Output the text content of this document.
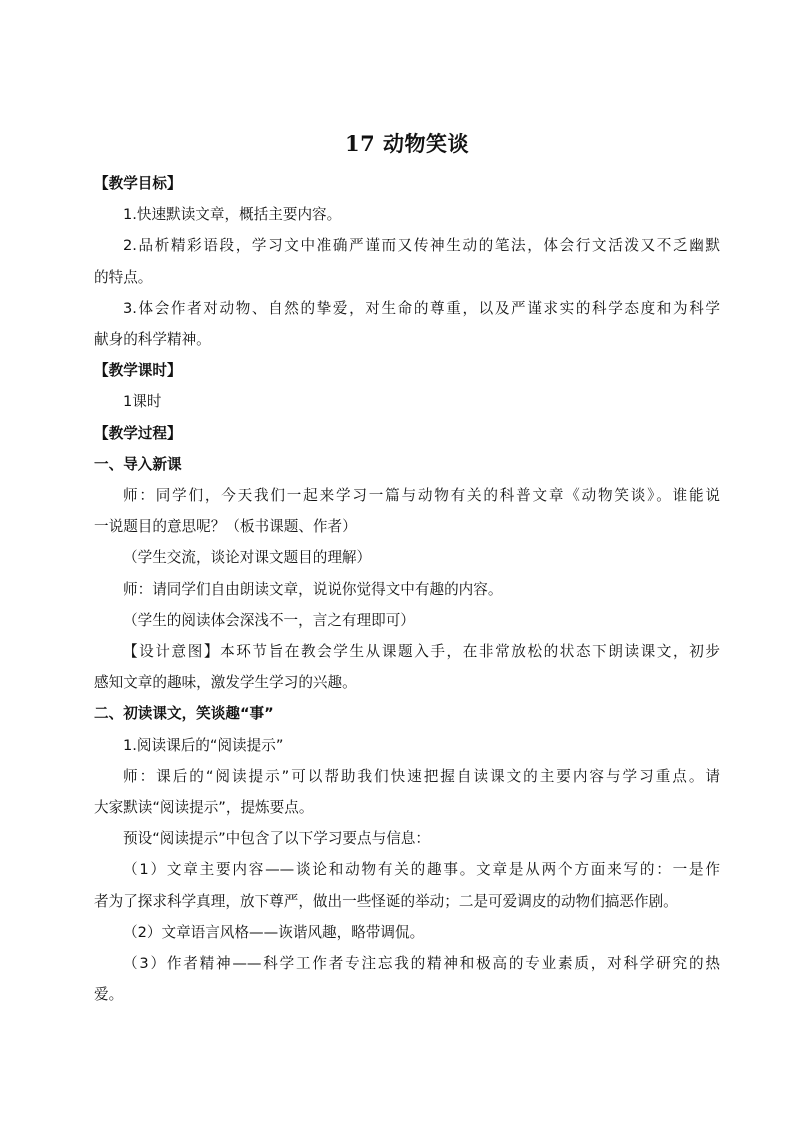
17 动物笑谈

【教学目标】

1.快速默读文章，概括主要内容。

2.品析精彩语段，学习文中准确严谨而又传神生动的笔法，体会行文活泼又不乏幽默

的特点。

3.体会作者对动物、自然的挚爱，对生命的尊重，以及严谨求实的科学态度和为科学

献身的科学精神。

【教学课时】

1课时

【教学过程】

一、导入新课

师：同学们，今天我们一起来学习一篇与动物有关的科普文章《动物笑谈》。谁能说

一说题目的意思呢？（板书课题、作者）

（学生交流，谈论对课文题目的理解）

师：请同学们自由朗读文章，说说你觉得文中有趣的内容。

（学生的阅读体会深浅不一，言之有理即可）

【设计意图】本环节旨在教会学生从课题入手，在非常放松的状态下朗读课文，初步

感知文章的趣味，激发学生学习的兴趣。

二、初读课文，笑谈趣“事”

1.阅读课后的“阅读提示”

师：课后的“阅读提示”可以帮助我们快速把握自读课文的主要内容与学习重点。请

大家默读“阅读提示”，提炼要点。

预设“阅读提示”中包含了以下学习要点与信息：

（1）文章主要内容——谈论和动物有关的趣事。文章是从两个方面来写的：一是作

者为了探求科学真理，放下尊严，做出一些怪诞的举动；二是可爱调皮的动物们搞恶作剧。

（2）文章语言风格——诙谐风趣，略带调侃。

（3）作者精神——科学工作者专注忘我的精神和极高的专业素质，对科学研究的热

爱。
